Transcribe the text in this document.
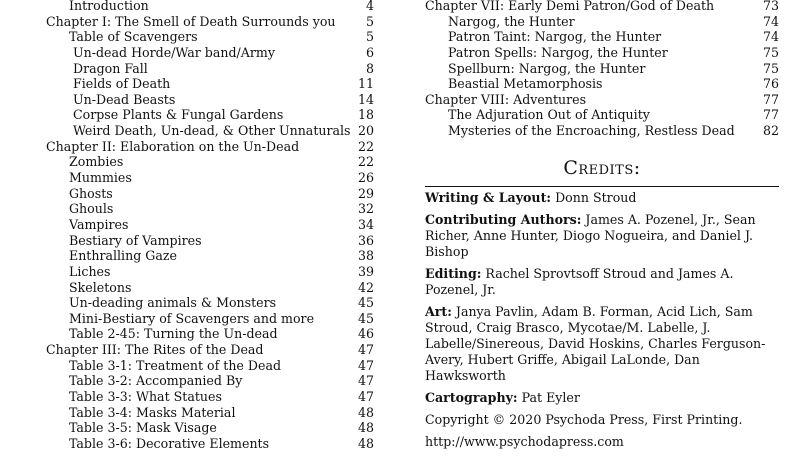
Introduction	4
Chapter I: The Smell of Death Surrounds you 5
Table of Scavengers	5
Un-dead Horde/War band/Army	6
Dragon Fall	8
Fields of Death	11
Un-Dead Beasts	14
Corpse Plants & Fungal Gardens	18
Weird Death, Un-dead, & Other Unnaturals 20
Chapter II: Elaboration on the Un-Dead	22
Zombies	22
Mummies	26
Ghosts	29
Ghouls	32
Vampires	34
Bestiary of Vampires	36
Enthralling Gaze	38
Liches	39
Skeletons	42
Un-deading animals & Monsters	45
Mini-Bestiary of Scavengers and more	45
Table 2-45: Turning the Un-dead	46
Chapter III: The Rites of the Dead	47
Table 3-1: Treatment of the Dead	47
Table 3-2: Accompanied By	47
Table 3-3: What Statues	47
Table 3-4: Masks Material	48
Table 3-5: Mask Visage	48
Table 3-6: Decorative Elements	48
Chapter VII: Early Demi Patron/God of Death	73
Nargog, the Hunter	74
Patron Taint: Nargog, the Hunter	74
Patron Spells: Nargog, the Hunter	75
Spellburn: Nargog, the Hunter	75
Beastial Metamorphosis	76
Chapter VIII: Adventures	77
The Adjuration Out of Antiquity	77
Mysteries of the Encroaching, Restless Dead 82
Credits:

Writing & Layout: Donn Stroud

Contributing Authors: James A. Pozenel, Jr., Sean Richer, Anne Hunter, Diogo Nogueira, and Daniel J. Bishop

Editing: Rachel Sprovtsoff Stroud and James A. Pozenel, Jr.

Art: Janya Pavlin, Adam B. Forman, Acid Lich, Sam Stroud, Craig Brasco, Mycotae/M. Labelle, J. Labelle/Sinereous, David Hoskins, Charles Ferguson-Avery, Hubert Griffe, Abigail LaLonde, Dan Hawksworth

Cartography: Pat Eyler

Copyright © 2020 Psychoda Press, First Printing.

http://www.psychodapress.com
